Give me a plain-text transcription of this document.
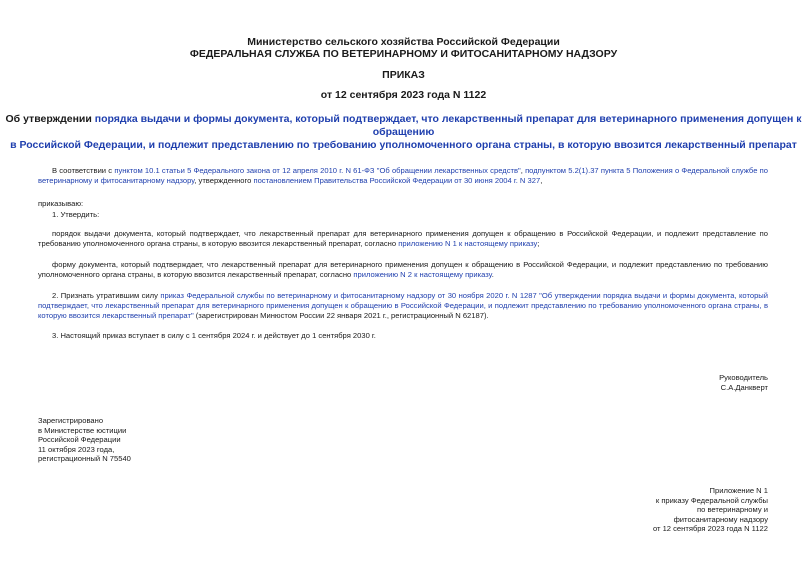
Министерство сельского хозяйства Российской Федерации
ФЕДЕРАЛЬНАЯ СЛУЖБА ПО ВЕТЕРИНАРНОМУ И ФИТОСАНИТАРНОМУ НАДЗОРУ
ПРИКАЗ
от 12 сентября 2023 года N 1122
Об утверждении порядка выдачи и формы документа, который подтверждает, что лекарственный препарат для ветеринарного применения допущен к обращению
в Российской Федерации, и подлежит представлению по требованию уполномоченного органа страны, в которую ввозится лекарственный препарат
В соответствии с пунктом 10.1 статьи 5 Федерального закона от 12 апреля 2010 г. N 61-ФЗ "Об обращении лекарственных средств", подпунктом 5.2(1).37 пункта 5 Положения о Федеральной службе по ветеринарному и фитосанитарному надзору, утвержденного постановлением Правительства Российской Федерации от 30 июня 2004 г. N 327,
приказываю:
1. Утвердить:
порядок выдачи документа, который подтверждает, что лекарственный препарат для ветеринарного применения допущен к обращению в Российской Федерации, и подлежит представление по требованию уполномоченного органа страны, в которую ввозится лекарственный препарат, согласно приложению N 1 к настоящему приказу;
форму документа, который подтверждает, что лекарственный препарат для ветеринарного применения допущен к обращению в Российской Федерации, и подлежит представлению по требованию уполномоченного органа страны, в которую ввозится лекарственный препарат, согласно приложению N 2 к настоящему приказу.
2. Признать утратившим силу приказ Федеральной службы по ветеринарному и фитосанитарному надзору от 30 ноября 2020 г. N 1287 "Об утверждении порядка выдачи и формы документа, который подтверждает, что лекарственный препарат для ветеринарного применения допущен к обращению в Российской Федерации, и подлежит представлению по требованию уполномоченного органа страны, в которую ввозится лекарственный препарат" (зарегистрирован Минюстом России 22 января 2021 г., регистрационный N 62187).
3. Настоящий приказ вступает в силу с 1 сентября 2024 г. и действует до 1 сентября 2030 г.
Руководитель
С.А.Данкверт
Зарегистрировано
в Министерстве юстиции
Российской Федерации
11 октября 2023 года,
регистрационный N 75540
Приложение N 1
к приказу Федеральной службы
по ветеринарному и
фитосанитарному надзору
от 12 сентября 2023 года N 1122
